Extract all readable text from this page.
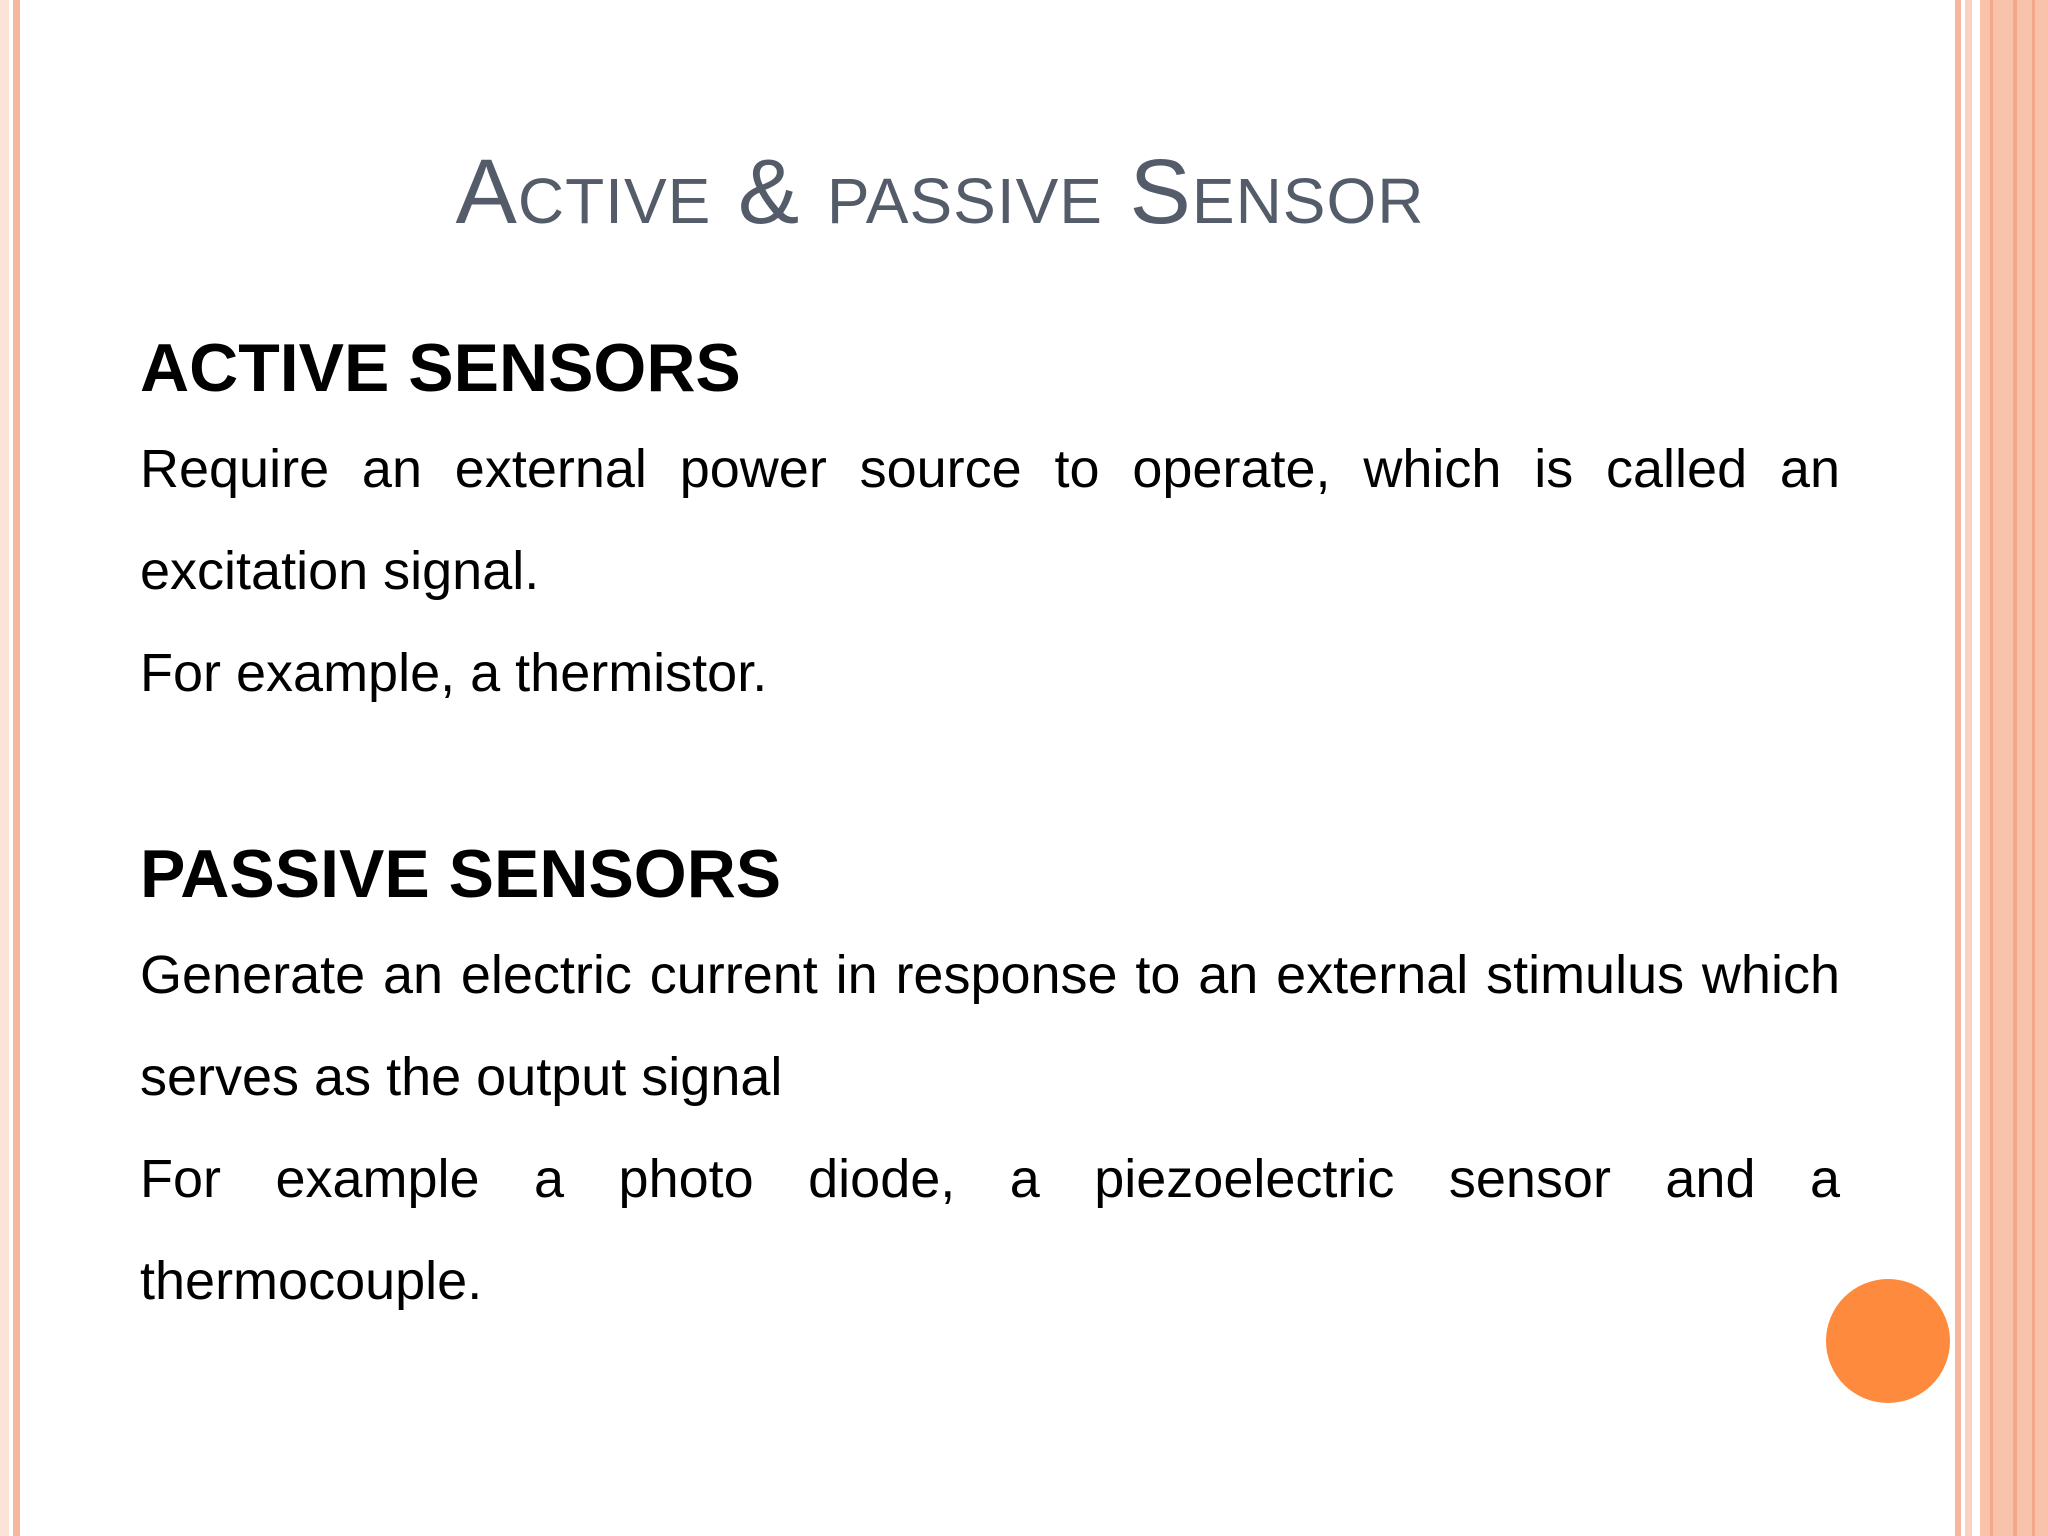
Active & passive Sensor
ACTIVE SENSORS

Require an external power source to operate, which is called an excitation signal.

For example, a thermistor.

PASSIVE SENSORS

Generate an electric current in response to an external stimulus which serves as the output signal

For example a photo diode, a piezoelectric sensor and a thermocouple.
